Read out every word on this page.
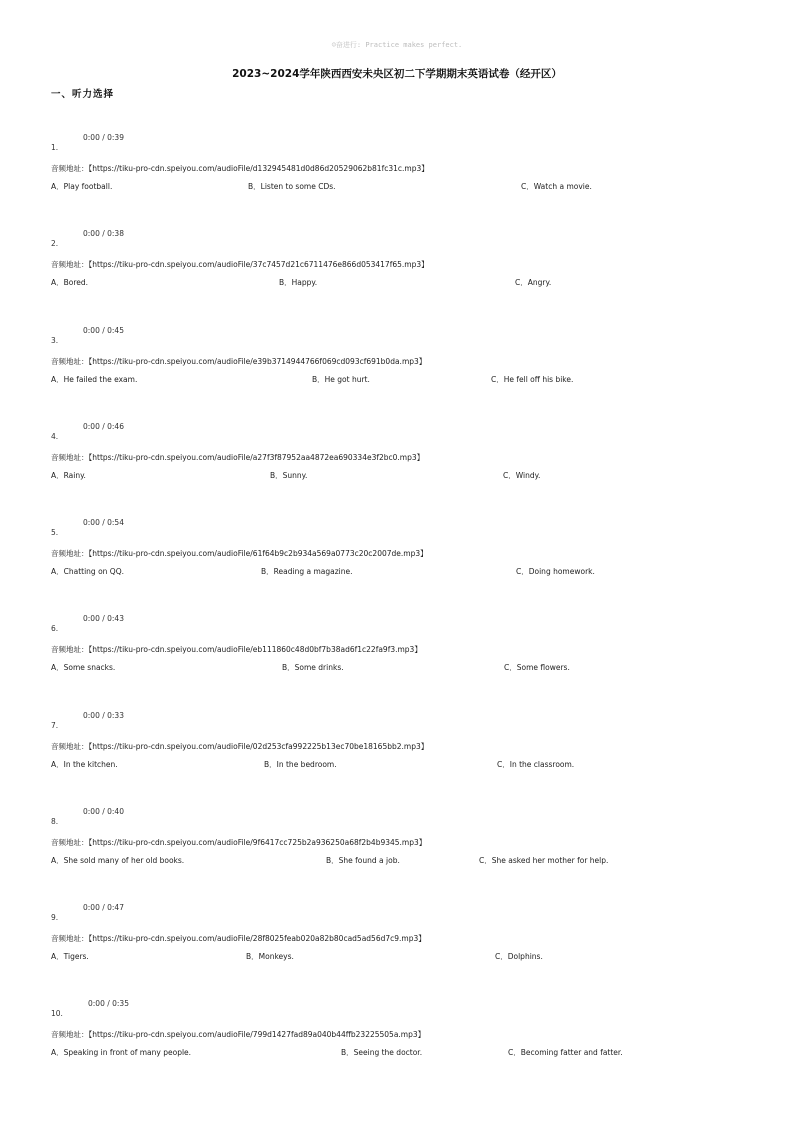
☺奋进行: Practice makes perfect.
2023~2024学年陕西西安未央区初二下学期期末英语试卷（经开区）
一、听力选择
0:00 / 0:39
1.
音频地址：【https://tiku-pro-cdn.speiyou.com/audioFile/d132945481d0d86d20529062b81fc31c.mp3】
A．Play football.	B．Listen to some CDs.	C．Watch a movie.
0:00 / 0:38
2.
音频地址：【https://tiku-pro-cdn.speiyou.com/audioFile/37c7457d21c6711476e866d053417f65.mp3】
A．Bored.	B．Happy.	C．Angry.
0:00 / 0:45
3.
音频地址：【https://tiku-pro-cdn.speiyou.com/audioFile/e39b3714944766f069cd093cf691b0da.mp3】
A．He failed the exam.	B．He got hurt.	C．He fell off his bike.
0:00 / 0:46
4.
音频地址：【https://tiku-pro-cdn.speiyou.com/audioFile/a27f3f87952aa4872ea690334e3f2bc0.mp3】
A．Rainy.	B．Sunny.	C．Windy.
0:00 / 0:54
5.
音频地址：【https://tiku-pro-cdn.speiyou.com/audioFile/61f64b9c2b934a569a0773c20c2007de.mp3】
A．Chatting on QQ.	B．Reading a magazine.	C．Doing homework.
0:00 / 0:43
6.
音频地址：【https://tiku-pro-cdn.speiyou.com/audioFile/eb111860c48d0bf7b38ad6f1c22fa9f3.mp3】
A．Some snacks.	B．Some drinks.	C．Some flowers.
0:00 / 0:33
7.
音频地址：【https://tiku-pro-cdn.speiyou.com/audioFile/02d253cfa992225b13ec70be18165bb2.mp3】
A．In the kitchen.	B．In the bedroom.	C．In the classroom.
0:00 / 0:40
8.
音频地址：【https://tiku-pro-cdn.speiyou.com/audioFile/9f6417cc725b2a936250a68f2b4b9345.mp3】
A．She sold many of her old books.	B．She found a job.	C．She asked her mother for help.
0:00 / 0:47
9.
音频地址：【https://tiku-pro-cdn.speiyou.com/audioFile/28f8025feab020a82b80cad5ad56d7c9.mp3】
A．Tigers.	B．Monkeys.	C．Dolphins.
0:00 / 0:35
10.
音频地址：【https://tiku-pro-cdn.speiyou.com/audioFile/799d1427fad89a040b44ffb23225505a.mp3】
A．Speaking in front of many people.	B．Seeing the doctor.	C．Becoming fatter and fatter.
